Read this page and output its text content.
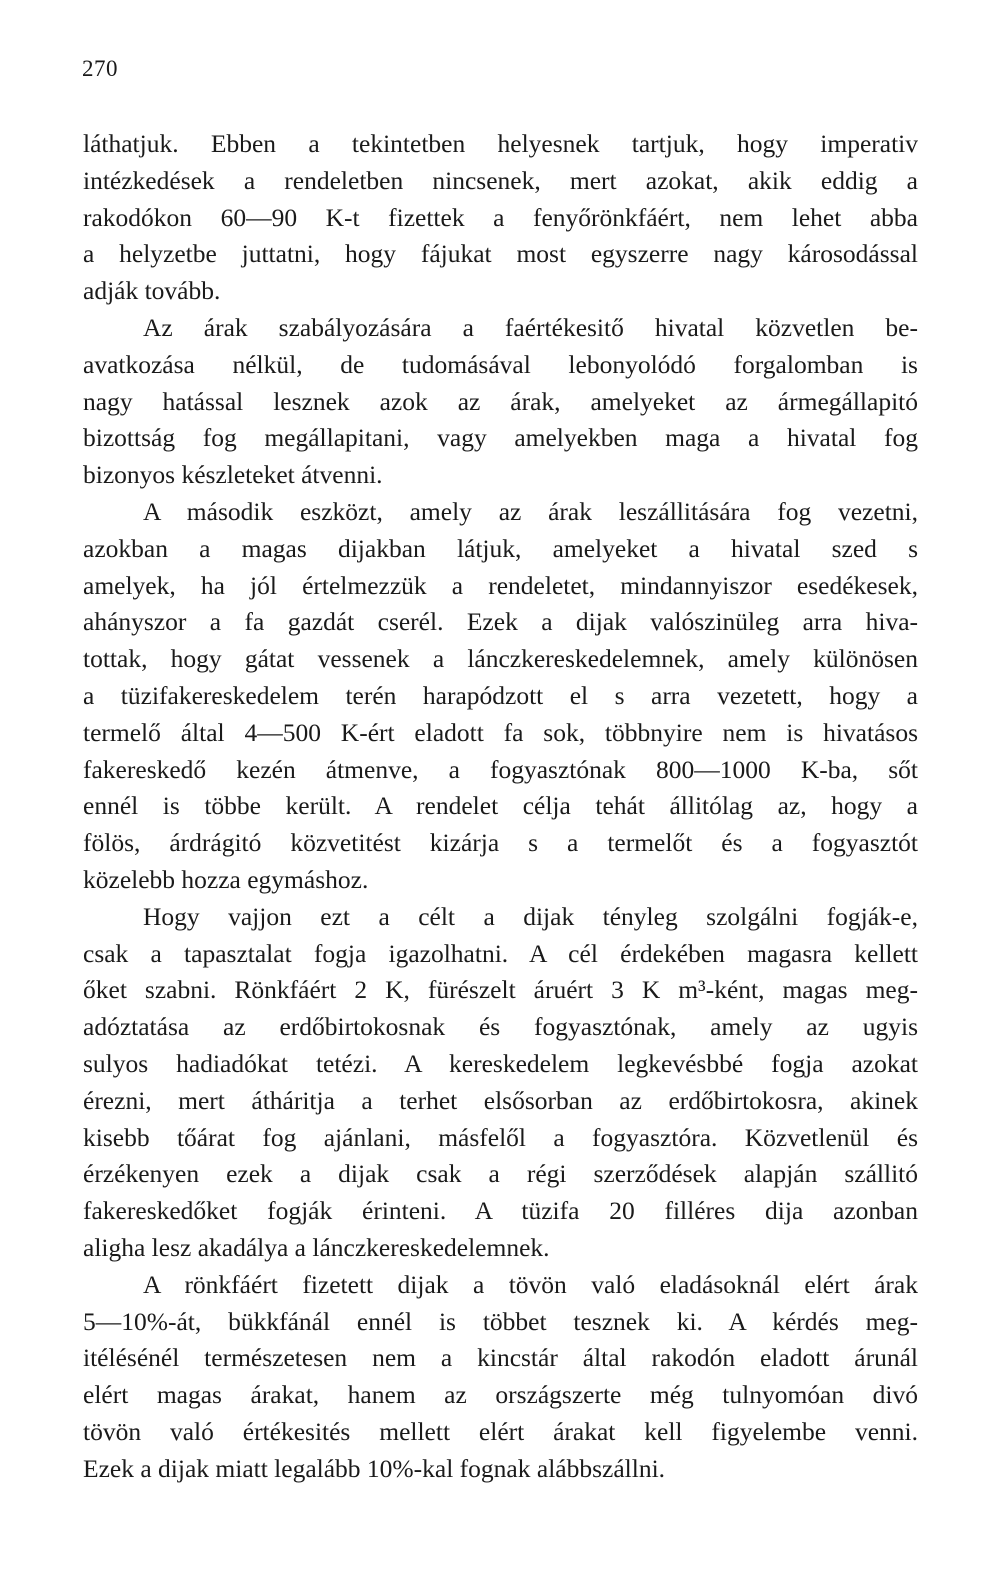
270
láthatjuk. Ebben a tekintetben helyesnek tartjuk, hogy imperativ
intézkedések a rendeletben nincsenek, mert azokat, akik eddig a
rakodókon 60—90 K-t fizettek a fenyőrönkfáért, nem lehet abba
a helyzetbe juttatni, hogy fájukat most egyszerre nagy károsodással
adják tovább.
Az árak szabályozására a faértékesitő hivatal közvetlen be-
avatkozása nélkül, de tudomásával lebonyolódó forgalomban is
nagy hatással lesznek azok az árak, amelyeket az ármegállapitó
bizottság fog megállapitani, vagy amelyekben maga a hivatal fog
bizonyos készleteket átvenni.
A második eszközt, amely az árak leszállitására fog vezetni,
azokban a magas dijakban látjuk, amelyeket a hivatal szed s
amelyek, ha jól értelmezzük a rendeletet, mindannyiszor esedékesek,
ahányszor a fa gazdát cserél. Ezek a dijak valószinüleg arra hiva-
tottak, hogy gátat vessenek a lánczkereskedelemnek, amely különösen
a tüzifakereskedelem terén harapódzott el s arra vezetett, hogy a
termelő által 4—500 K-ért eladott fa sok, többnyire nem is hivatásos
fakereskedő kezén átmenve, a fogyasztónak 800—1000 K-ba, sőt
ennél is többe került. A rendelet célja tehát állitólag az, hogy a
fölös, árdrágitó közvetitést kizárja s a termelőt és a fogyasztót
közelebb hozza egymáshoz.
Hogy vajjon ezt a célt a dijak tényleg szolgálni fogják-e,
csak a tapasztalat fogja igazolhatni. A cél érdekében magasra kellett
őket szabni. Rönkfáért 2 K, fürészelt áruért 3 K m³-ként, magas meg-
adóztatása az erdőbirtokosnak és fogyasztónak, amely az ugyis
sulyos hadiadókat tetézi. A kereskedelem legkevésbbé fogja azokat
érezni, mert átháritja a terhet elsősorban az erdőbirtokosra, akinek
kisebb tőárat fog ajánlani, másfelől a fogyasztóra. Közvetlenül és
érzékenyen ezek a dijak csak a régi szerződések alapján szállitó
fakereskedőket fogják érinteni. A tüzifa 20 filléres dija azonban
aligha lesz akadálya a lánczkereskedelemnek.
A rönkfáért fizetett dijak a tövön való eladásoknál elért árak
5—10%-át, bükkfánál ennél is többet tesznek ki. A kérdés meg-
itélésénél természetesen nem a kincstár által rakodón eladott árunál
elért magas árakat, hanem az országszerte még tulnyomóan divó
tövön való értékesités mellett elért árakat kell figyelembe venni.
Ezek a dijak miatt legalább 10%-kal fognak alábbszállni.
